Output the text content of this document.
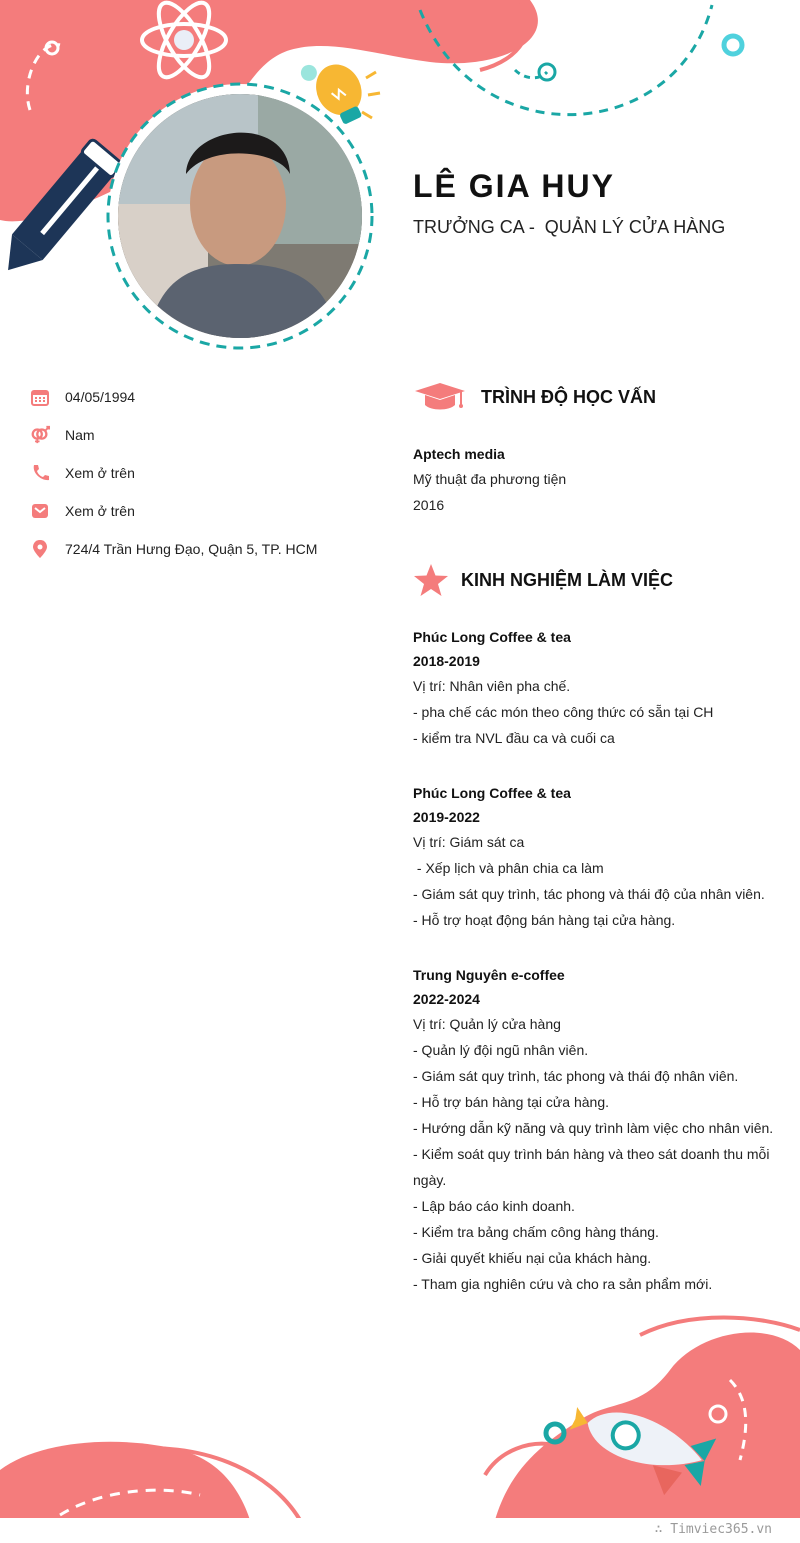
LÊ GIA HUY
TRƯỞNG CA -  QUẢN LÝ CỬA HÀNG
04/05/1994
Nam
Xem ở trên
Xem ở trên
724/4 Trần Hưng Đạo, Quận 5, TP. HCM
TRÌNH ĐỘ HỌC VẤN
Aptech media
Mỹ thuật đa phương tiện
2016
KINH NGHIỆM LÀM VIỆC
Phúc Long Coffee & tea
2018-2019
Vị trí: Nhân viên pha chế.
- pha chế các món theo công thức có sẵn tại CH
- kiểm tra NVL đầu ca và cuối ca
Phúc Long Coffee & tea
2019-2022
Vị trí: Giám sát ca
- Xếp lịch và phân chia ca làm
- Giám sát quy trình, tác phong và thái độ của nhân viên.
- Hỗ trợ hoạt động bán hàng tại cửa hàng.
Trung Nguyên e-coffee
2022-2024
Vị trí: Quản lý cửa hàng
- Quản lý đội ngũ nhân viên.
- Giám sát quy trình, tác phong và thái độ nhân viên.
- Hỗ trợ bán hàng tại cửa hàng.
- Hướng dẫn kỹ năng và quy trình làm việc cho nhân viên.
- Kiểm soát quy trình bán hàng và theo sát doanh thu mỗi
ngày.
- Lập báo cáo kinh doanh.
- Kiểm tra bảng chấm công hàng tháng.
- Giải quyết khiếu nại của khách hàng.
- Tham gia nghiên cứu và cho ra sản phẩm mới.
∴ Timviec365.vn
